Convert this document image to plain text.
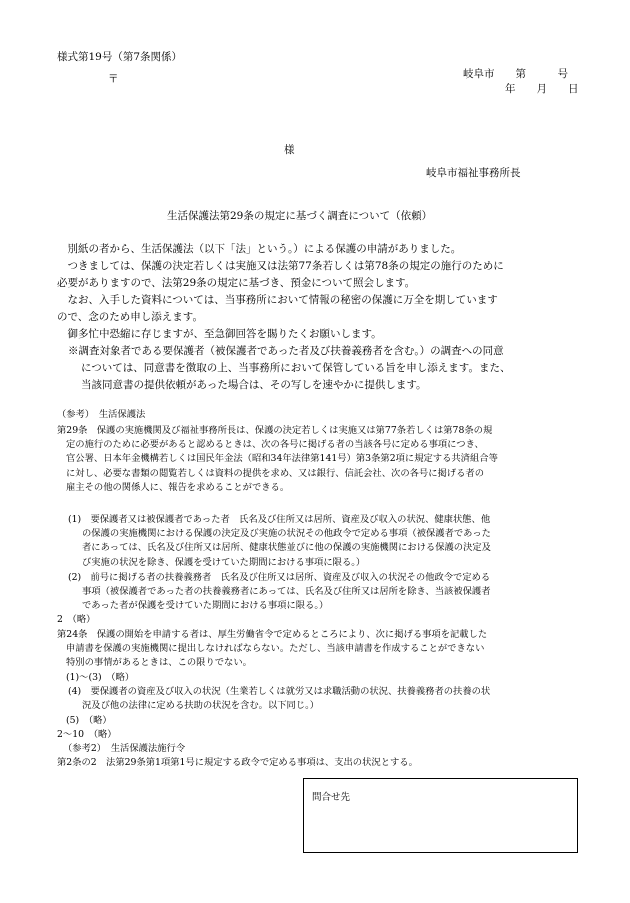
様式第19号（第7条関係）
〒	岐阜市　　第　　　号
年　　月　　日
様
岐阜市福祉事務所長
生活保護法第29条の規定に基づく調査について（依頼）
　別紙の者から、生活保護法（以下「法」という。）による保護の申請がありました。
　つきましては、保護の決定若しくは実施又は法第77条若しくは第78条の規定の施行のために
必要がありますので、法第29条の規定に基づき、預金について照会します。
　なお、入手した資料については、当事務所において情報の秘密の保護に万全を期しています
ので、念のため申し添えます。
　御多忙中恐縮に存じますが、至急御回答を賜りたくお願いします。
※調査対象者である要保護者（被保護者であった者及び扶養義務者を含む。）の調査への同意
については、同意書を徴取の上、当事務所において保管している旨を申し添えます。また、
当該同意書の提供依頼があった場合は、その写しを速やかに提供します。
（参考）　生活保護法
第29条　保護の実施機関及び福祉事務所長は、保護の決定若しくは実施又は第77条若しくは第78条の規
定の施行のために必要があると認めるときは、次の各号に掲げる者の当該各号に定める事項につき、
官公署、日本年金機構若しくは国民年金法（昭和34年法律第141号）第3条第2項に規定する共済組合等
に対し、必要な書類の閲覧若しくは資料の提供を求め、又は銀行、信託会社、次の各号に掲げる者の
雇主その他の関係人に、報告を求めることができる。
(1)　要保護者又は被保護者であった者　氏名及び住所又は居所、資産及び収入の状況、健康状態、他
の保護の実施機関における保護の決定及び実施の状況その他政令で定める事項（被保護者であった
者にあっては、氏名及び住所又は居所、健康状態並びに他の保護の実施機関における保護の決定及
び実施の状況を除き、保護を受けていた期間における事項に限る。）
(2)　前号に掲げる者の扶養義務者　氏名及び住所又は居所、資産及び収入の状況その他政令で定める
事項（被保護者であった者の扶養義務者にあっては、氏名及び住所又は居所を除き、当該被保護者
であった者が保護を受けていた期間における事項に限る。）
2　（略）
第24条　保護の開始を申請する者は、厚生労働省令で定めるところにより、次に掲げる事項を記載した
申請書を保護の実施機関に提出しなければならない。ただし、当該申請書を作成することができない
特別の事情があるときは、この限りでない。
(1)～(3)　（略）
(4)　要保護者の資産及び収入の状況（生業若しくは就労又は求職活動の状況、扶養義務者の扶養の状
況及び他の法律に定める扶助の状況を含む。以下同じ。）
(5)　（略）
2～10　（略）
（参考2）　生活保護法施行令
第2条の2　法第29条第1項第1号に規定する政令で定める事項は、支出の状況とする。
問合せ先
